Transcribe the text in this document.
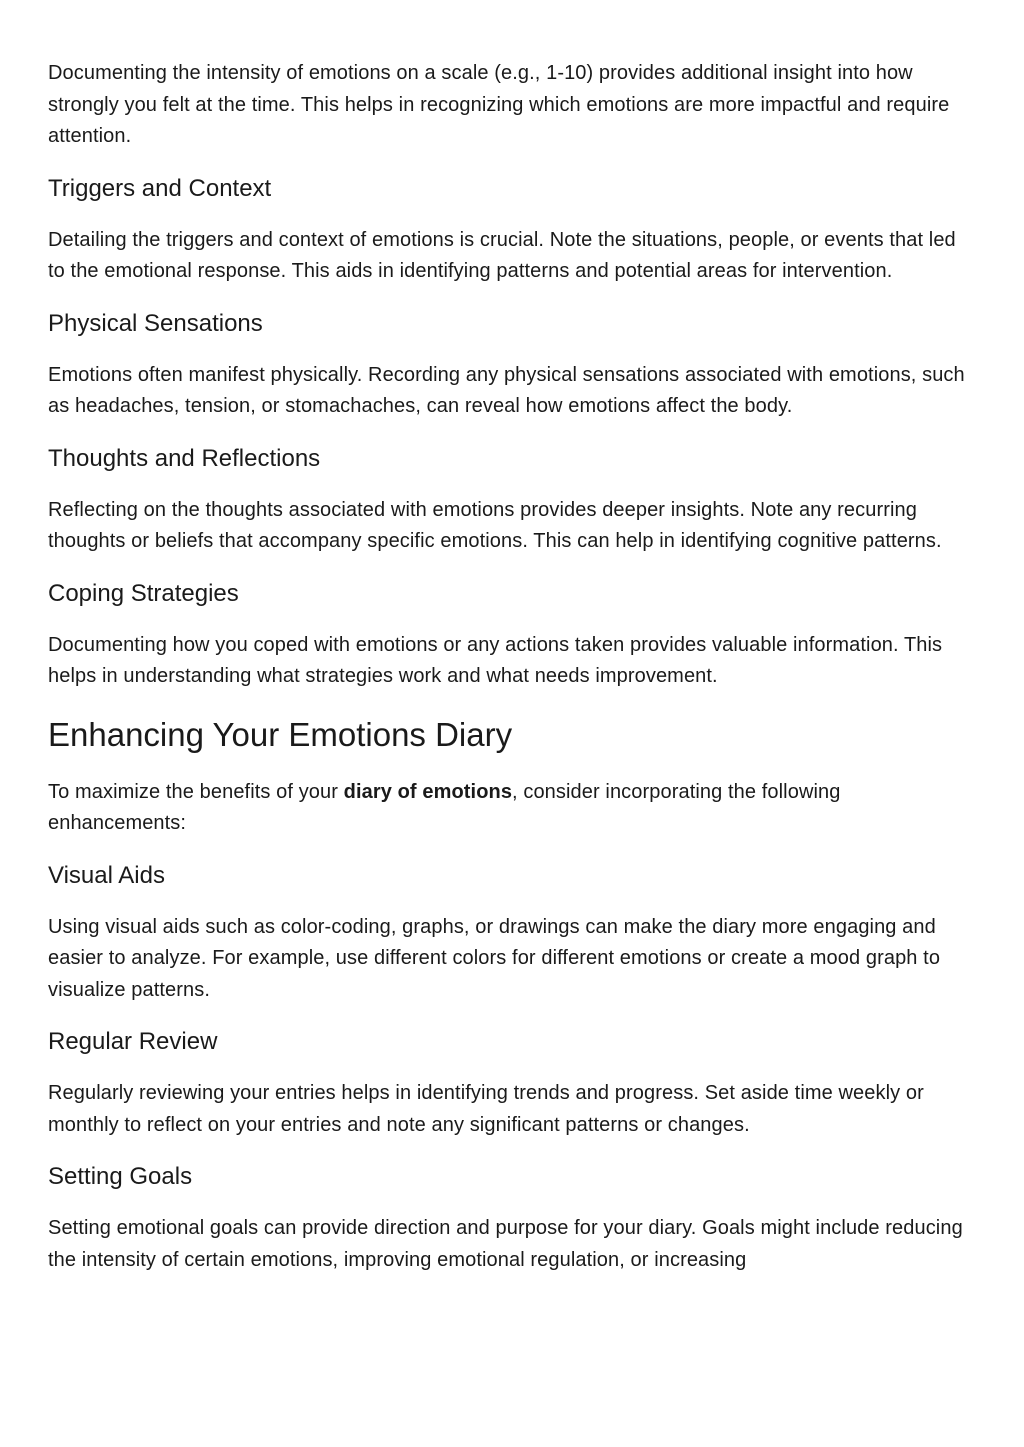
Documenting the intensity of emotions on a scale (e.g., 1-10) provides additional insight into how strongly you felt at the time. This helps in recognizing which emotions are more impactful and require attention.

Triggers and Context

Detailing the triggers and context of emotions is crucial. Note the situations, people, or events that led to the emotional response. This aids in identifying patterns and potential areas for intervention.

Physical Sensations

Emotions often manifest physically. Recording any physical sensations associated with emotions, such as headaches, tension, or stomachaches, can reveal how emotions affect the body.

Thoughts and Reflections

Reflecting on the thoughts associated with emotions provides deeper insights. Note any recurring thoughts or beliefs that accompany specific emotions. This can help in identifying cognitive patterns.

Coping Strategies

Documenting how you coped with emotions or any actions taken provides valuable information. This helps in understanding what strategies work and what needs improvement.

Enhancing Your Emotions Diary

To maximize the benefits of your diary of emotions, consider incorporating the following enhancements:

Visual Aids

Using visual aids such as color-coding, graphs, or drawings can make the diary more engaging and easier to analyze. For example, use different colors for different emotions or create a mood graph to visualize patterns.

Regular Review

Regularly reviewing your entries helps in identifying trends and progress. Set aside time weekly or monthly to reflect on your entries and note any significant patterns or changes.

Setting Goals

Setting emotional goals can provide direction and purpose for your diary. Goals might include reducing the intensity of certain emotions, improving emotional regulation, or increasing
